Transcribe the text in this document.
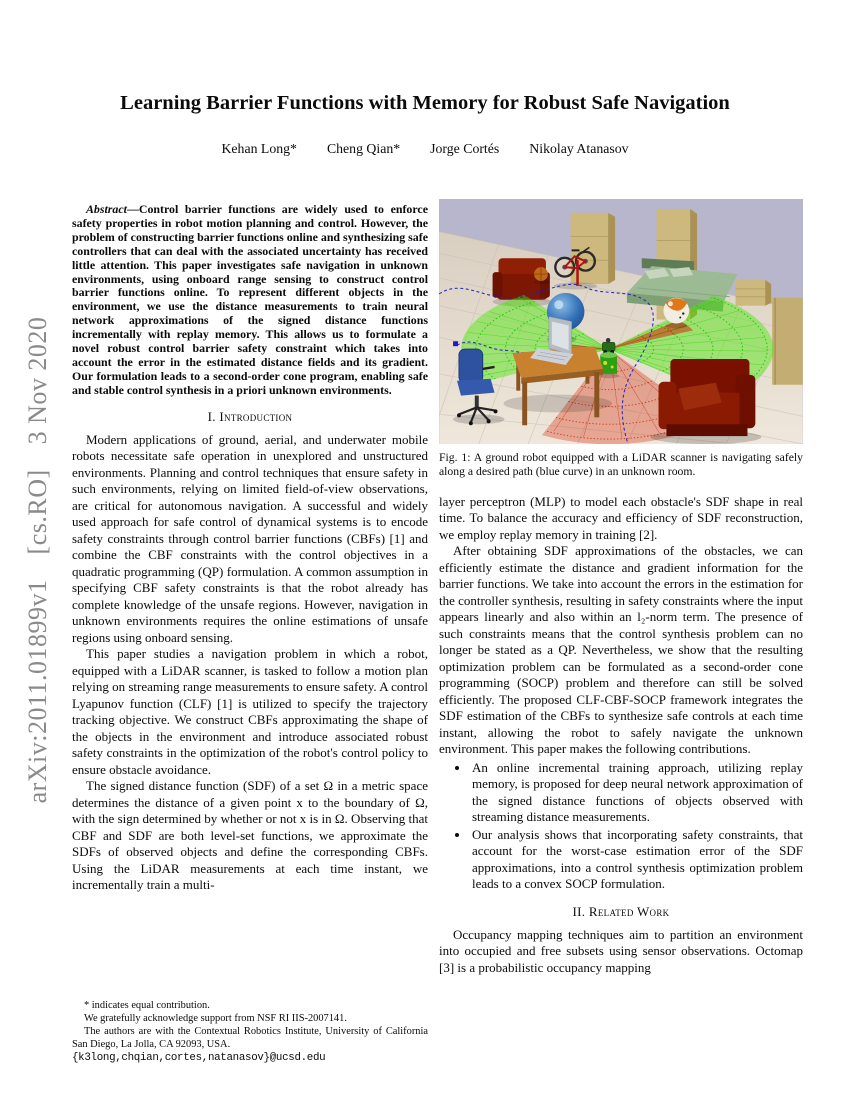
arXiv:2011.01899v1 [cs.RO] 3 Nov 2020
Learning Barrier Functions with Memory for Robust Safe Navigation
Kehan Long* Cheng Qian* Jorge Cortés Nikolay Atanasov

Abstract—Control barrier functions are widely used to enforce safety properties in robot motion planning and control. However, the problem of constructing barrier functions online and synthesizing safe controllers that can deal with the associated uncertainty has received little attention. This paper investigates safe navigation in unknown environments, using onboard range sensing to construct control barrier functions online. To represent different objects in the environment, we use the distance measurements to train neural network approximations of the signed distance functions incrementally with replay memory. This allows us to formulate a novel robust control barrier safety constraint which takes into account the error in the estimated distance fields and its gradient. Our formulation leads to a second-order cone program, enabling safe and stable control synthesis in a priori unknown environments.

I. Introduction

Modern applications of ground, aerial, and underwater mobile robots necessitate safe operation in unexplored and unstructured environments. Planning and control techniques that ensure safety in such environments, relying on limited field-of-view observations, are critical for autonomous navigation. A successful and widely used approach for safe control of dynamical systems is to encode safety constraints through control barrier functions (CBFs) [1] and combine the CBF constraints with the control objectives in a quadratic programming (QP) formulation. A common assumption in specifying CBF safety constraints is that the robot already has complete knowledge of the unsafe regions. However, navigation in unknown environments requires the online estimations of unsafe regions using onboard sensing.

This paper studies a navigation problem in which a robot, equipped with a LiDAR scanner, is tasked to follow a motion plan relying on streaming range measurements to ensure safety. A control Lyapunov function (CLF) [1] is utilized to specify the trajectory tracking objective. We construct CBFs approximating the shape of the objects in the environment and introduce associated robust safety constraints in the optimization of the robot's control policy to ensure obstacle avoidance.

The signed distance function (SDF) of a set Ω in a metric space determines the distance of a given point x to the boundary of Ω, with the sign determined by whether or not x is in Ω. Observing that CBF and SDF are both level-set functions, we approximate the SDFs of observed objects and define the corresponding CBFs. Using the LiDAR measurements at each time instant, we incrementally train a multi-

* indicates equal contribution.

We gratefully acknowledge support from NSF RI IIS-2007141.

The authors are with the Contextual Robotics Institute, University of California San Diego, La Jolla, CA 92093, USA.

{k3long,chqian,cortes,natanasov}@ucsd.edu

Fig. 1: A ground robot equipped with a LiDAR scanner is navigating safely along a desired path (blue curve) in an unknown room.

layer perceptron (MLP) to model each obstacle's SDF shape in real time. To balance the accuracy and efficiency of SDF reconstruction, we employ replay memory in training [2].

After obtaining SDF approximations of the obstacles, we can efficiently estimate the distance and gradient information for the barrier functions. We take into account the errors in the estimation for the controller synthesis, resulting in safety constraints where the input appears linearly and also within an l₂-norm term. The presence of such constraints means that the control synthesis problem can no longer be stated as a QP. Nevertheless, we show that the resulting optimization problem can be formulated as a second-order cone programming (SOCP) problem and therefore can still be solved efficiently. The proposed CLF-CBF-SOCP framework integrates the SDF estimation of the CBFs to synthesize safe controls at each time instant, allowing the robot to safely navigate the unknown environment. This paper makes the following contributions.

• An online incremental training approach, utilizing replay memory, is proposed for deep neural network approximation of the signed distance functions of objects observed with streaming distance measurements.
• Our analysis shows that incorporating safety constraints, that account for the worst-case estimation error of the SDF approximations, into a control synthesis optimization problem leads to a convex SOCP formulation.
II. Related Work

Occupancy mapping techniques aim to partition an environment into occupied and free subsets using sensor observations. Octomap [3] is a probabilistic occupancy mapping
